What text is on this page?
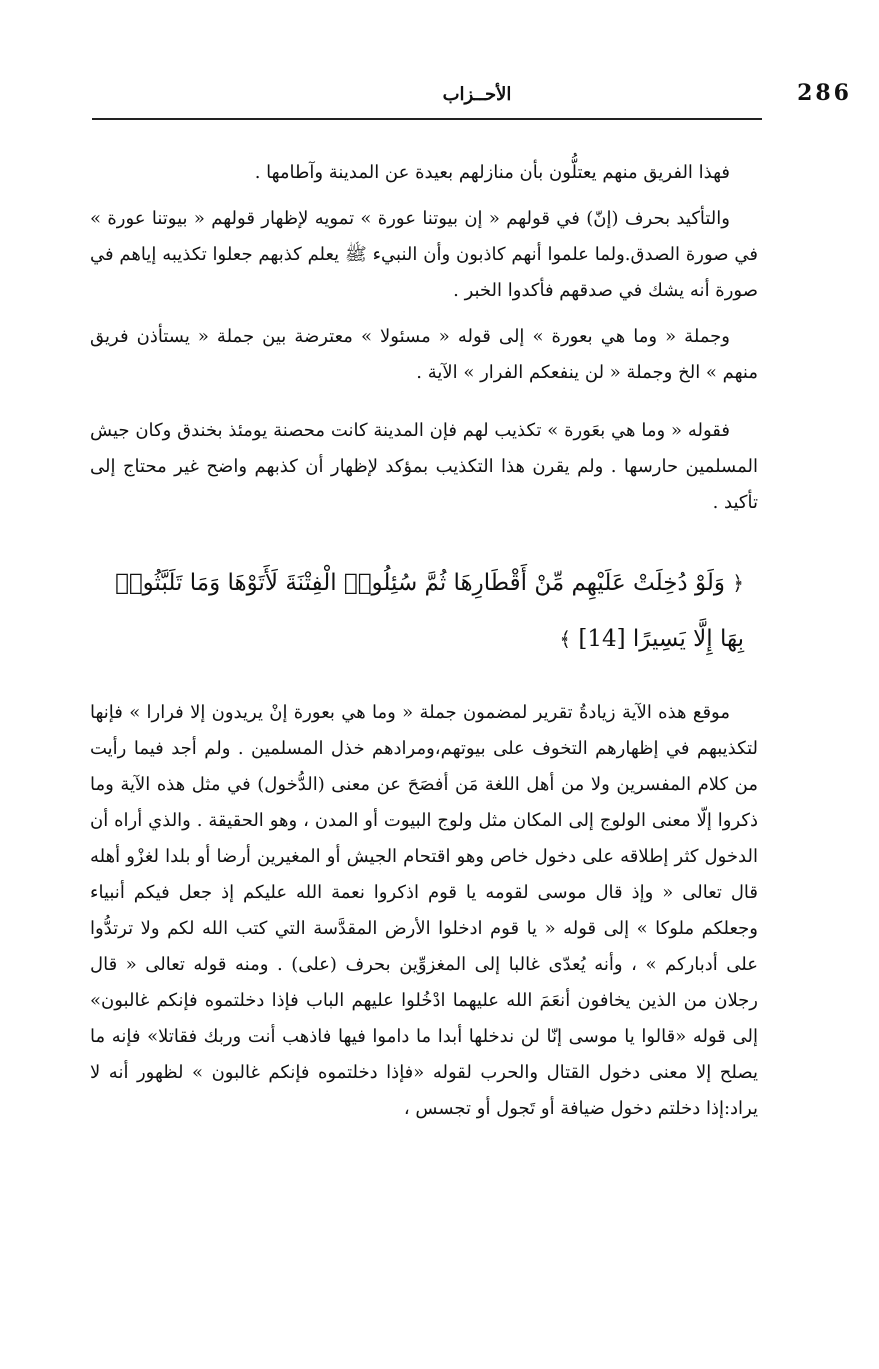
286
الأحــزاب

فهذا الفريق منهم يعتلُّون بأن منازلهم بعيدة عن المدينة وآطامها .

والتأكيد بحرف (إنّ) في قولهم « إن بيوتنا عورة » تمويه لإظهار قولهم « بيوتنا عورة » في صورة الصدق.ولما علموا أنهم كاذبون وأن النبيء ﷺ يعلم كذبهم جعلوا تكذيبه إياهم في صورة أنه يشك في صدقهم فأكدوا الخبر .

وجملة « وما هي بعورة » إلى قوله « مسئولا » معترضة بين جملة « يستأذن فريق منهم » الخ وجملة « لن ينفعكم الفرار » الآية .

فقوله « وما هي بعَورة » تكذيب لهم فإن المدينة كانت محصنة يومئذ بخندق وكان جيش المسلمين حارسها . ولم يقرن هذا التكذيب بمؤكد لإظهار أن كذبهم واضح غير محتاج إلى تأكيد .

﴿ وَلَوْ دُخِلَتْ عَلَيْهِم مِّنْ أَقْطَارِهَا ثُمَّ سُئِلُوا۟ الْفِتْنَةَ لَأَتَوْهَا وَمَا تَلَبَّثُوا۟ بِهَا إِلَّا يَسِيرًا [14] ﴾

موقع هذه الآية زيادةُ تقرير لمضمون جملة « وما هي بعورة إنْ يريدون إلا فرارا » فإنها لتكذيبهم في إظهارهم التخوف على بيوتهم،ومرادهم خذل المسلمين . ولم أجد فيما رأيت من كلام المفسرين ولا من أهل اللغة مَن أفصَحَ عن معنى (الدُّخول) في مثل هذه الآية وما ذكروا إلّا معنى الولوج إلى المكان مثل ولوج البيوت أو المدن ، وهو الحقيقة . والذي أراه أن الدخول كثر إطلاقه على دخول خاص وهو اقتحام الجيش أو المغيرين أرضا أو بلدا لغزْو أهله قال تعالى « وإذ قال موسى لقومه يا قوم اذكروا نعمة الله عليكم إذ جعل فيكم أنبياء وجعلكم ملوكا » إلى قوله « يا قوم ادخلوا الأرض المقدَّسة التي كتب الله لكم ولا ترتدُّوا على أدباركم » ، وأنه يُعدّى غالبا إلى المغزوِّين بحرف (على) . ومنه قوله تعالى « قال رجلان من الذين يخافون أنعَمَ الله عليهما ادْخُلوا عليهم الباب فإذا دخلتموه فإنكم غالبون» إلى قوله «قالوا يا موسى إنّا لن ندخلها أبدا ما داموا فيها فاذهب أنت وربك فقاتلا» فإنه ما يصلح إلا معنى دخول القتال والحرب لقوله «فإذا دخلتموه فإنكم غالبون » لظهور أنه لا يراد:إذا دخلتم دخول ضيافة أو تَجول أو تجسس ،
